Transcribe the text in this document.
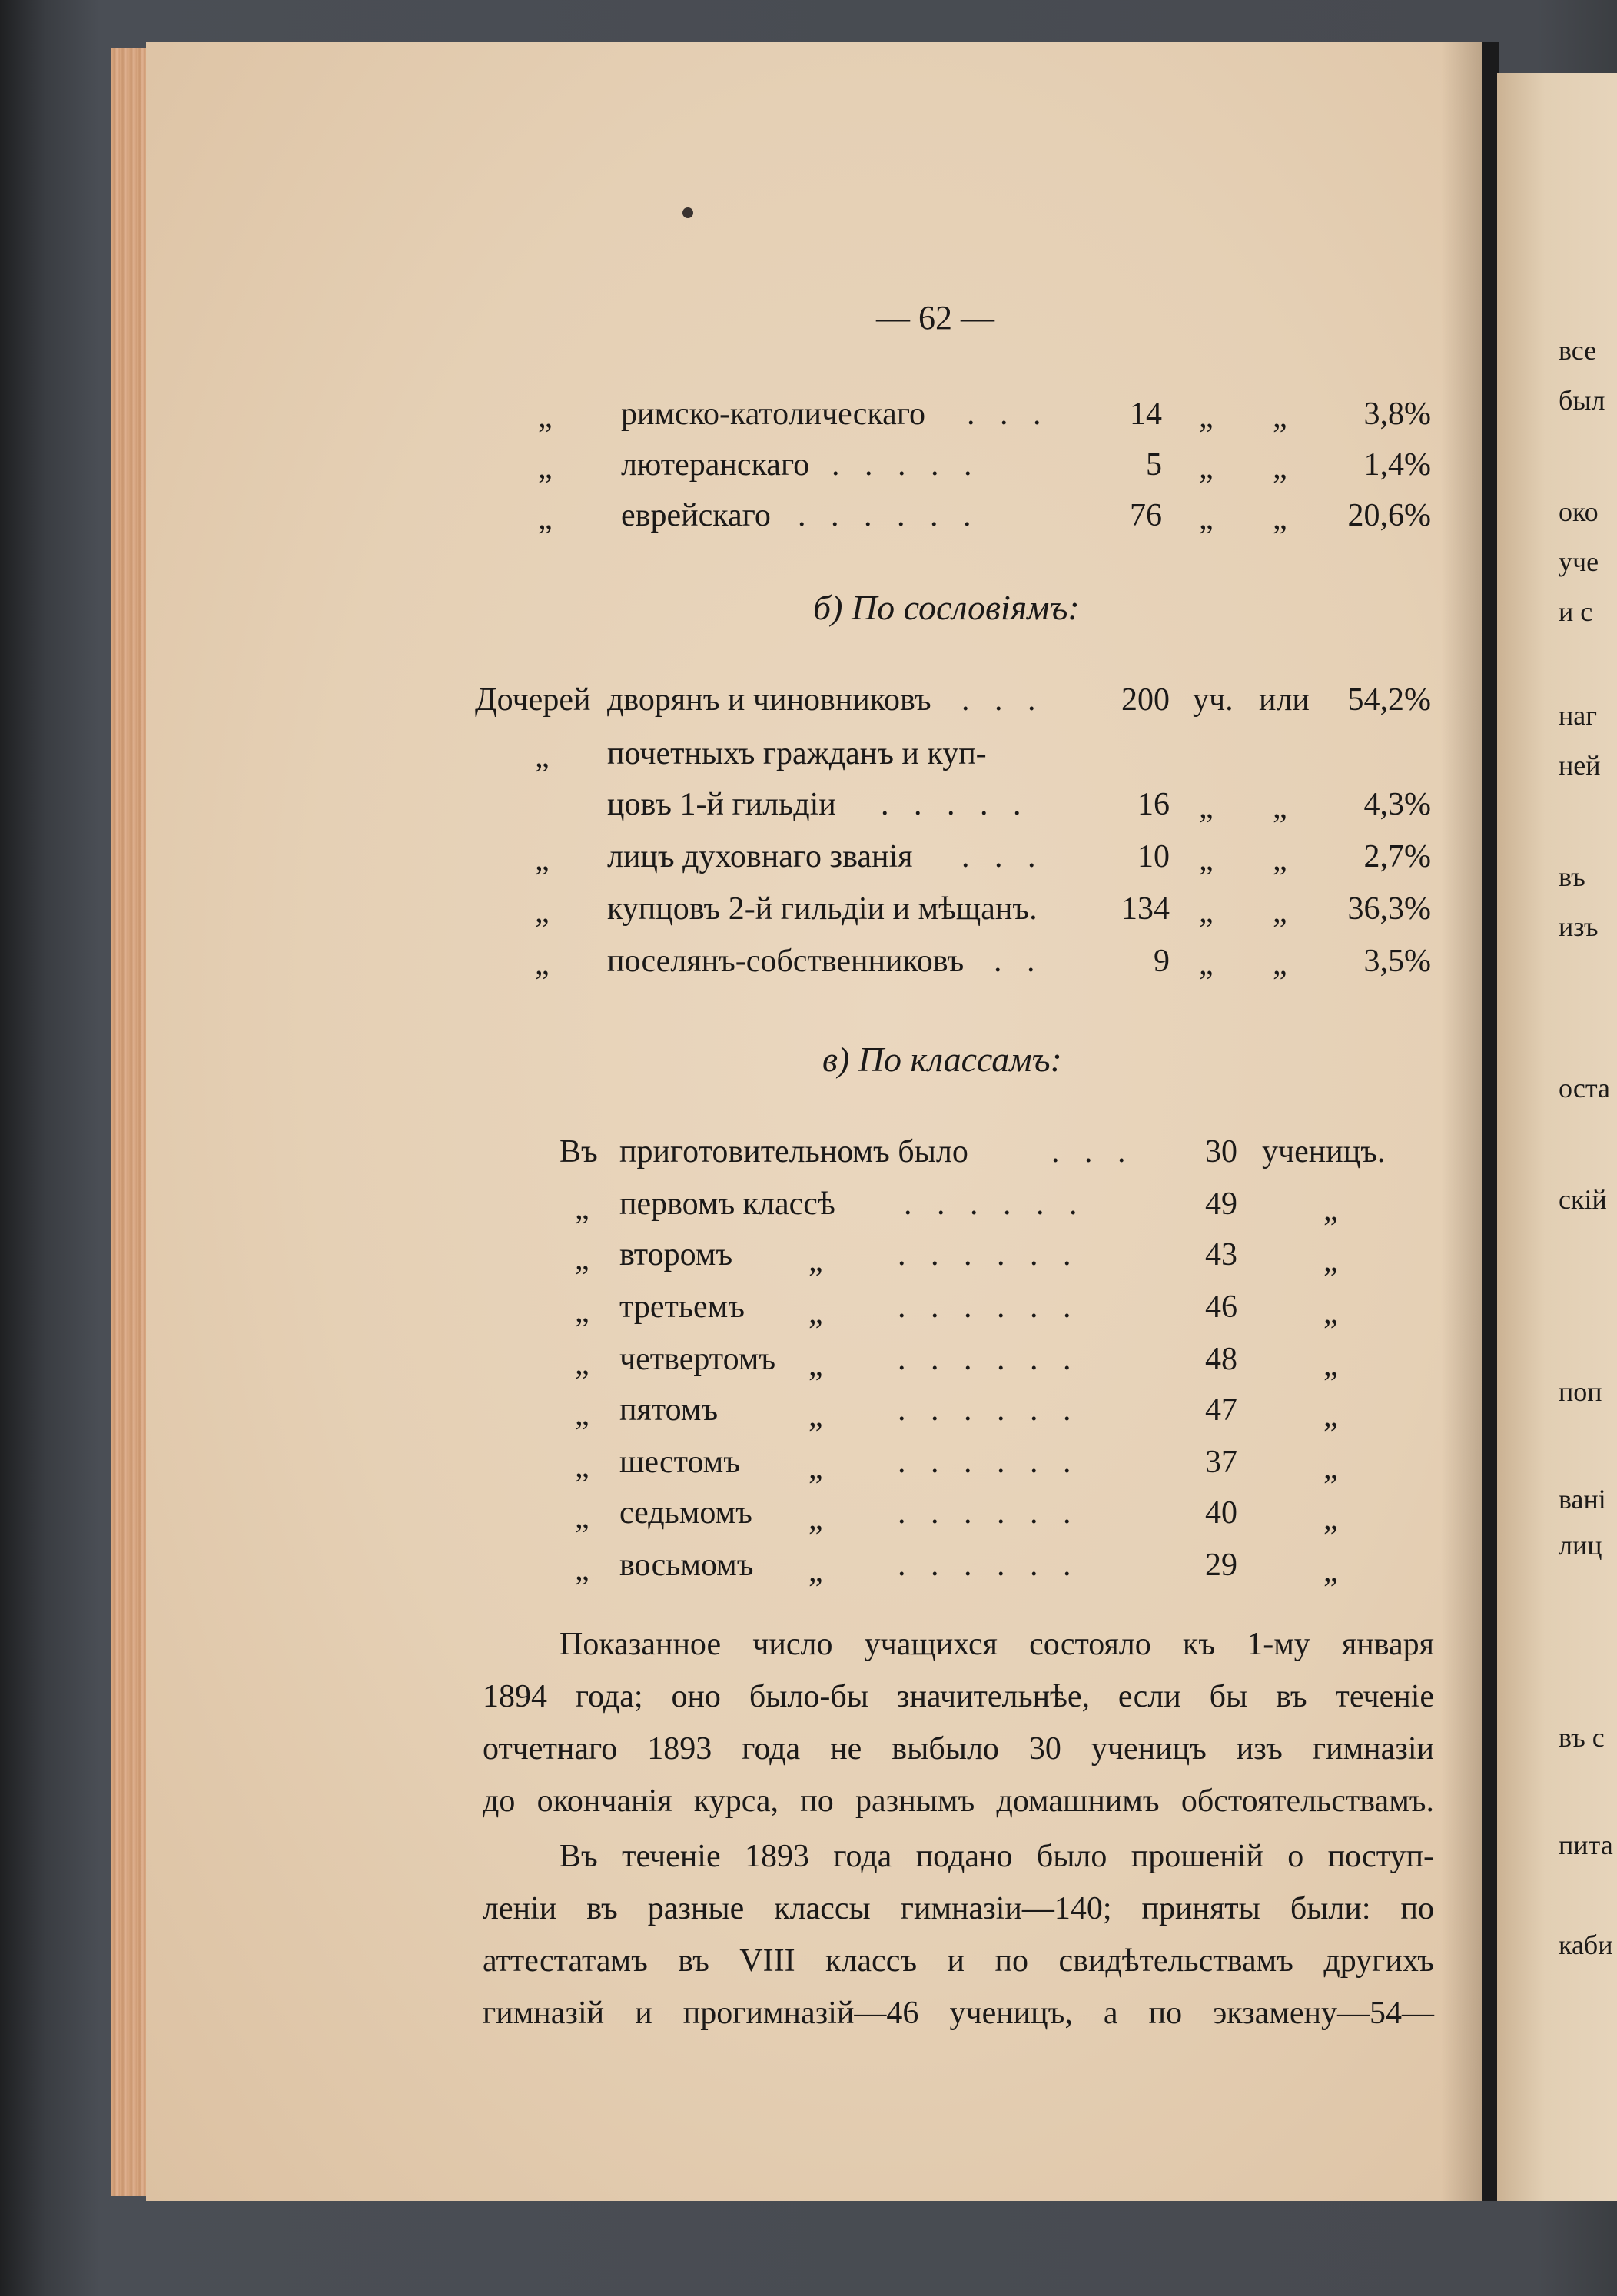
все
был
око
уче
и с
наг
ней
въ
изъ
оста
скій
поп
вані
лиц
въ с
пита
каби
— 62 —
„ римско-католическаго . . . 14 „ „ 3,8%
„ лютеранскаго . . . . .	5 „ „ 1,4%
„ еврейскаго . . . . . .	76 „ „ 20,6%
б) По сословіямъ:
Дочерей дворянъ и чиновниковъ . . . 200 уч. или 54,2%
„ почетныхъ гражданъ и куп-
цовъ 1-й гильдіи . . . . .	16 „ „ 4,3%
„ лицъ духовнаго званія . . .	10 „ „ 2,7%
„ купцовъ 2-й гильдіи и мѣщанъ.	134 „ „ 36,3%
„ поселянъ-собственниковъ . .	9 „ „ 3,5%
в) По классамъ:
Въ приготовительномъ было	. . . 30 ученицъ.
„ первомъ классѣ . . . . . .	49	„
„ второмъ „ . . . . . .	43	„
„ третьемъ „ . . . . . .	46	„
„ четвертомъ „ . . . . . .	48	„
„ пятомъ	„ . . . . . .	47	„
„ шестомъ „ . . . . . .	37	„
„ седьмомъ „ . . . . . .	40	„
„ восьмомъ „ . . . . . .	29	„
Показанное число учащихся состояло къ 1-му января
1894 года; оно было-бы значительнѣе, если бы въ теченіе
отчетнаго 1893 года не выбыло 30 ученицъ изъ гимназіи
до окончанія курса, по разнымъ домашнимъ обстоятельствамъ.
Въ теченіе 1893 года подано было прошеній о поступ-
леніи въ разные классы гимназіи—140; приняты были: по
аттестатамъ въ VIII классъ и по свидѣтельствамъ другихъ
гимназій и прогимназій—46 ученицъ, а по экзамену—54—
